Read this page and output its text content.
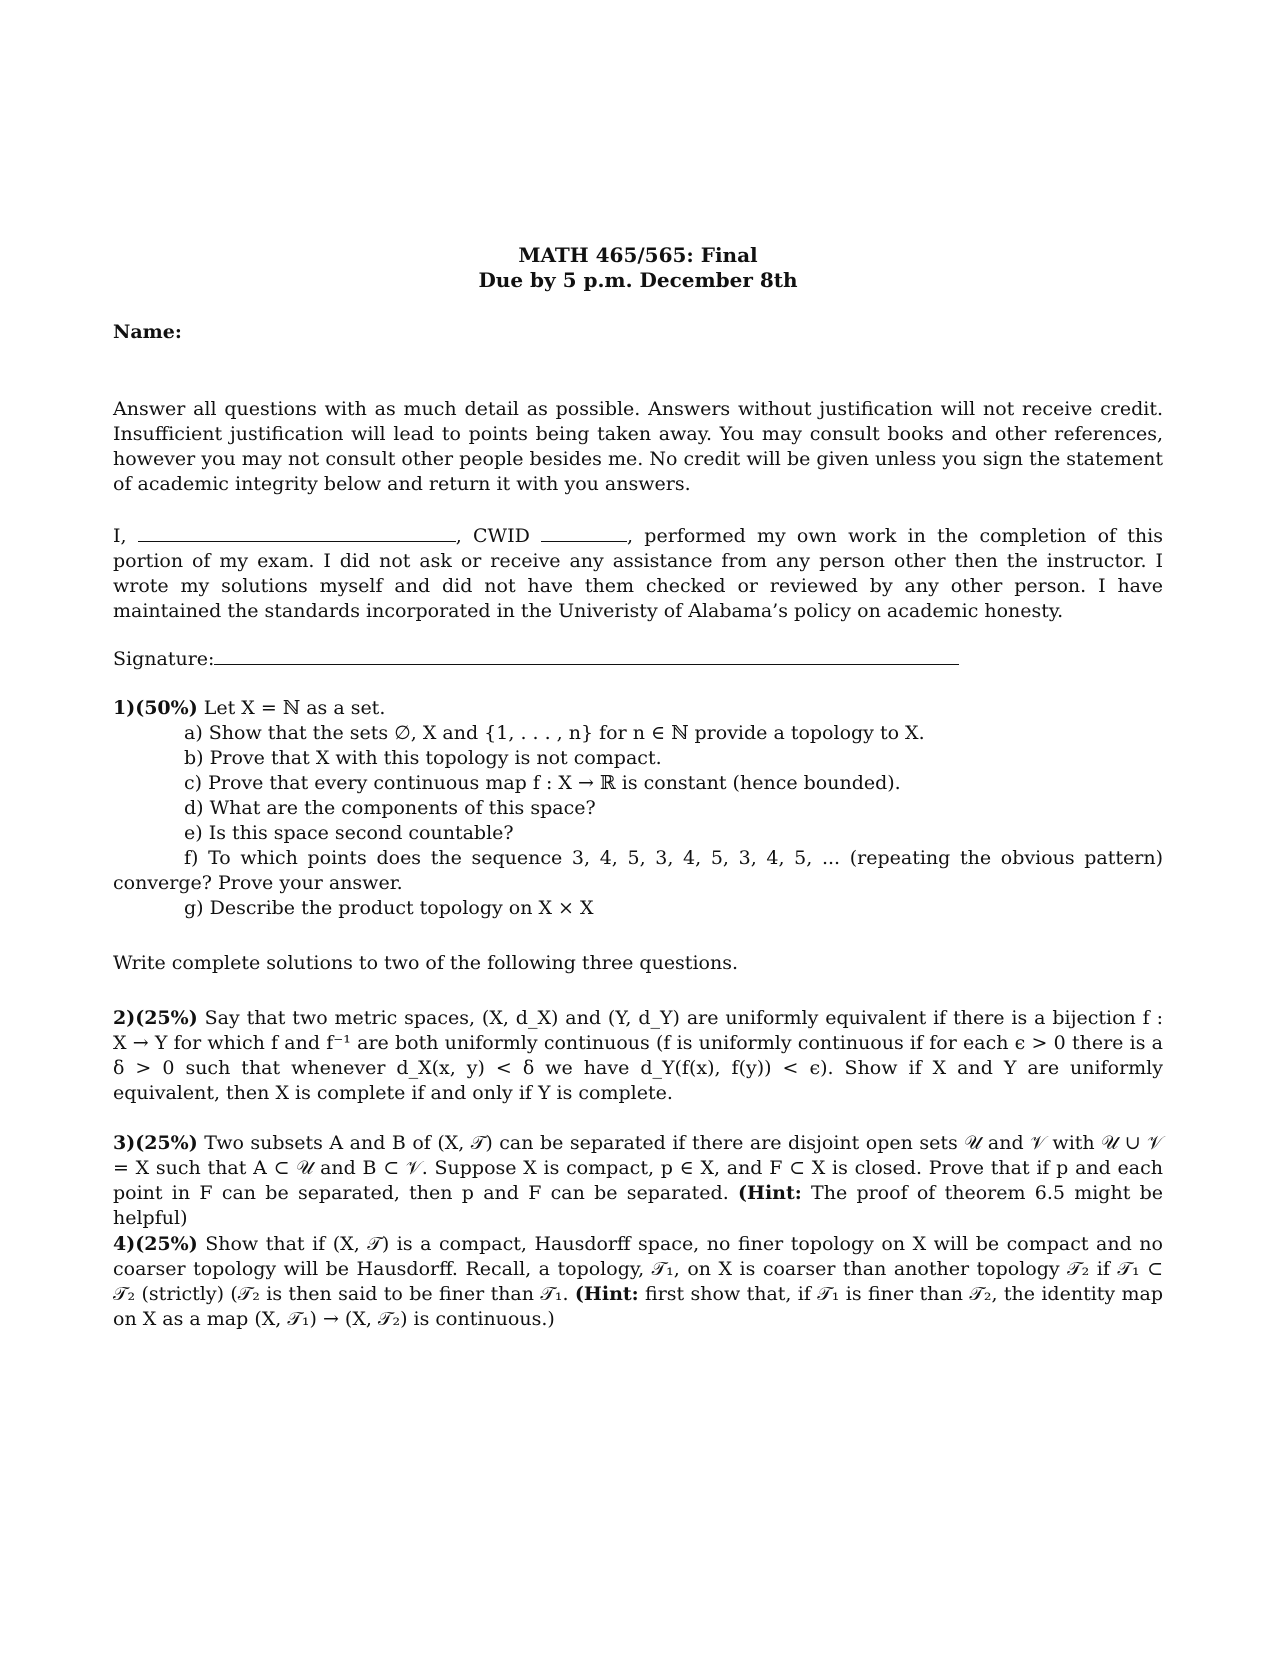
MATH 465/565: Final
Due by 5 p.m. December 8th
Name:
Answer all questions with as much detail as possible. Answers without justification will not receive credit. Insufficient justification will lead to points being taken away. You may consult books and other references, however you may not consult other people besides me. No credit will be given unless you sign the statement of academic integrity below and return it with you answers.
I,	, CWID	, performed my own work in the completion of this portion of my exam. I did not ask or receive any assistance from any person other then the instructor. I wrote my solutions myself and did not have them checked or reviewed by any other person. I have maintained the standards incorporated in the Univeristy of Alabama’s policy on academic honesty.
Signature:
1)(50%) Let X = ℕ as a set.
a) Show that the sets ∅, X and {1, . . . , n} for n ∈ ℕ provide a topology to X.
b) Prove that X with this topology is not compact.
c) Prove that every continuous map f : X → ℝ is constant (hence bounded).
d) What are the components of this space?
e) Is this space second countable?
f) To which points does the sequence 3, 4, 5, 3, 4, 5, 3, 4, 5, ... (repeating the obvious pattern) converge? Prove your answer.
g) Describe the product topology on X × X
Write complete solutions to two of the following three questions.
2)(25%) Say that two metric spaces, (X, d_X) and (Y, d_Y) are uniformly equivalent if there is a bijection f : X → Y for which f and f⁻¹ are both uniformly continuous (f is uniformly continuous if for each ϵ > 0 there is a δ > 0 such that whenever d_X(x, y) < δ we have d_Y(f(x), f(y)) < ϵ). Show if X and Y are uniformly equivalent, then X is complete if and only if Y is complete.
3)(25%) Two subsets A and B of (X, 𝒯) can be separated if there are disjoint open sets 𝒰 and 𝒱 with 𝒰 ∪ 𝒱 = X such that A ⊂ 𝒰 and B ⊂ 𝒱. Suppose X is compact, p ∈ X, and F ⊂ X is closed. Prove that if p and each point in F can be separated, then p and F can be separated. (Hint: The proof of theorem 6.5 might be helpful)
4)(25%) Show that if (X, 𝒯) is a compact, Hausdorff space, no finer topology on X will be compact and no coarser topology will be Hausdorff. Recall, a topology, 𝒯₁, on X is coarser than another topology 𝒯₂ if 𝒯₁ ⊂ 𝒯₂ (strictly) (𝒯₂ is then said to be finer than 𝒯₁. (Hint: first show that, if 𝒯₁ is finer than 𝒯₂, the identity map on X as a map (X, 𝒯₁) → (X, 𝒯₂) is continuous.)
